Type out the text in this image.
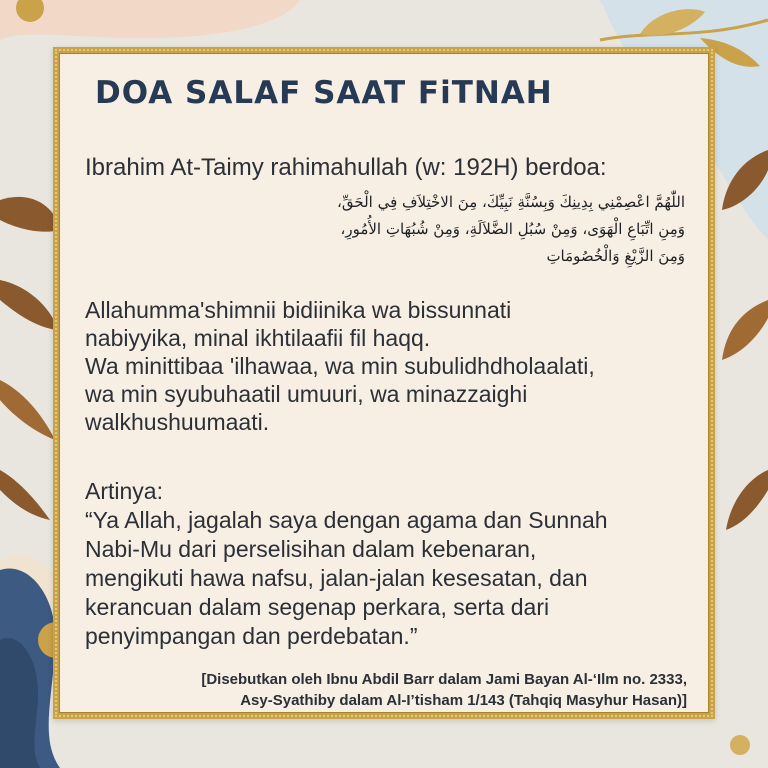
DOA SALAF SAAT FiTNAH

Ibrahim At-Taimy rahimahullah (w: 192H) berdoa:

اللّٰهُمَّ اعْصِمْنِي بِدِينِكَ وَبِسُنَّةِ نَبِيِّكَ، مِنَ الاخْتِلاَفِ فِي الْحَقِّ،
وَمِنِ اتِّبَاعِ الْهَوَى، وَمِنْ سُبُلِ الضَّلاَلَةِ، وَمِنْ شُبُهَاتِ الأُمُورِ،
وَمِنَ الزَّيْغِ وَالْخُصُومَاتِ
Allahumma'shimnii bidiinika wa bissunnati
nabiyyika, minal ikhtilaafii fil haqq.
Wa minittibaa 'ilhawaa, wa min subulidhdholaalati,
wa min syubuhaatil umuuri, wa minazzaighi
walkhushuumaati.
Artinya:
“Ya Allah, jagalah saya dengan agama dan Sunnah
Nabi-Mu dari perselisihan dalam kebenaran,
mengikuti hawa nafsu, jalan-jalan kesesatan, dan
kerancuan dalam segenap perkara, serta dari
penyimpangan dan perdebatan.”
[Disebutkan oleh Ibnu Abdil Barr dalam Jami Bayan Al-‘Ilm no. 2333,
Asy-Syathiby dalam Al-I’tisham 1/143 (Tahqiq Masyhur Hasan)]
